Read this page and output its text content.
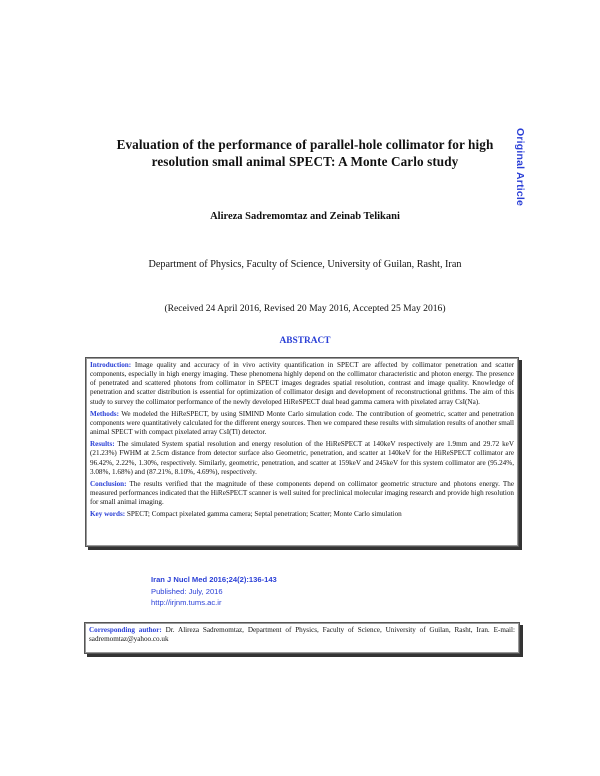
Evaluation of the performance of parallel-hole collimator for high resolution small animal SPECT: A Monte Carlo study	Original Article
Alireza Sadremomtaz and Zeinab Telikani
Department of Physics, Faculty of Science, University of Guilan, Rasht, Iran
(Received 24 April 2016, Revised 20 May 2016, Accepted 25 May 2016)
ABSTRACT

Introduction: Image quality and accuracy of in vivo activity quantification in SPECT are affected by collimator penetration and scatter components, especially in high energy imaging. These phenomena highly depend on the collimator characteristic and photon energy. The presence of penetrated and scattered photons from collimator in SPECT images degrades spatial resolution, contrast and image quality. Knowledge of penetration and scatter distribution is essential for optimization of collimator design and development of reconstructional grithms. The aim of this study to survey the collimator performance of the newly developed HiReSPECT dual head gamma camera with pixelated array CsI(Na).

Methods: We modeled the HiReSPECT, by using SIMIND Monte Carlo simulation code. The contribution of geometric, scatter and penetration components were quantitatively calculated for the different energy sources. Then we compared these results with simulation results of another small animal SPECT with compact pixelated array CsI(Tl) detector.

Results: The simulated System spatial resolution and energy resolution of the HiReSPECT at 140keV respectively are 1.9mm and 29.72 keV (21.23%) FWHM at 2.5cm distance from detector surface also Geometric, penetration, and scatter at 140keV for the HiReSPECT collimator are 96.42%, 2.22%, 1.30%, respectively. Similarly, geometric, penetration, and scatter at 159keV and 245keV for this system collimator are (95.24%, 3.08%, 1.68%) and (87.21%, 8.10%, 4.69%), respectively.

Conclusion: The results verified that the magnitude of these components depend on collimator geometric structure and photons energy. The measured performances indicated that the HiReSPECT scanner is well suited for preclinical molecular imaging research and provide high resolution for small animal imaging.

Key words: SPECT; Compact pixelated gamma camera; Septal penetration; Scatter; Monte Carlo simulation

Iran J Nucl Med 2016;24(2):136-143
Published: July, 2016
http://irjnm.tums.ac.ir

Corresponding author: Dr. Alireza Sadremomtaz, Department of Physics, Faculty of Science, University of Guilan, Rasht, Iran. E-mail: sadremomtaz@yahoo.co.uk
